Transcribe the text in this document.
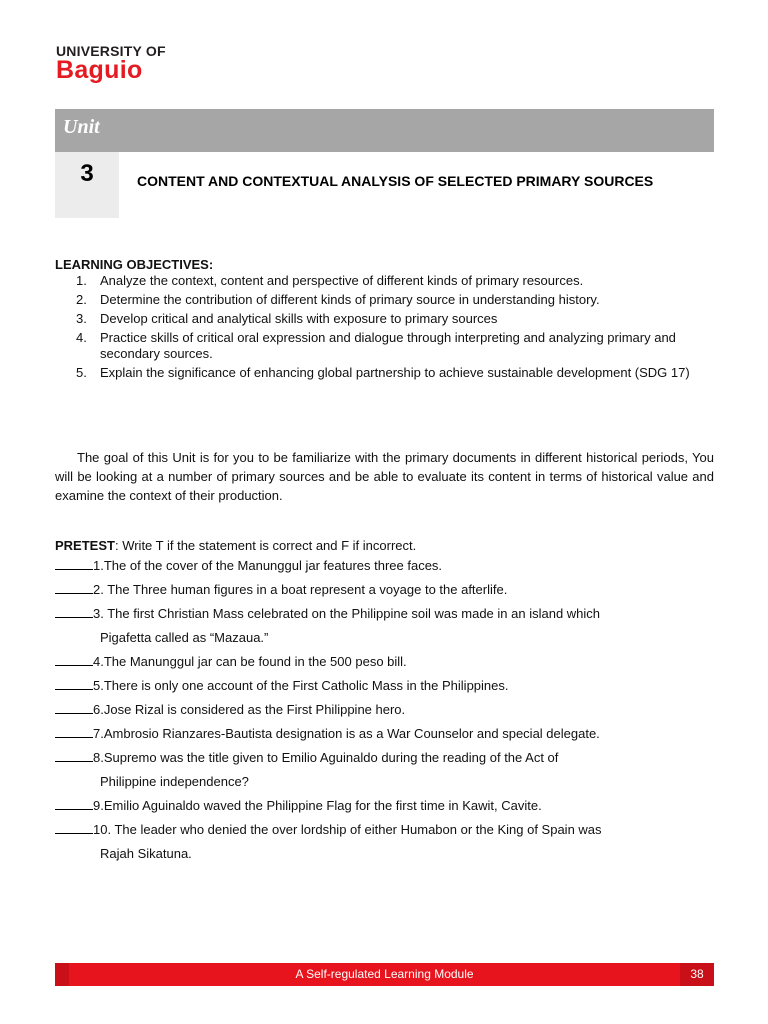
UNIVERSITY OF
Baguio
Unit
3	CONTENT AND CONTEXTUAL ANALYSIS OF SELECTED PRIMARY SOURCES
LEARNING OBJECTIVES:
1. Analyze the context, content and perspective of different kinds of primary resources.
2. Determine the contribution of different kinds of primary source in understanding history.
3. Develop critical and analytical skills with exposure to primary sources
4. Practice skills of critical oral expression and dialogue through interpreting and analyzing primary and secondary sources.
5. Explain the significance of enhancing global partnership to achieve sustainable development (SDG 17)

The goal of this Unit is for you to be familiarize with the primary documents in different historical periods, You will be looking at a number of primary sources and be able to evaluate its content in terms of historical value and examine the context of their production.

PRETEST: Write T if the statement is correct and F if incorrect.
1.The of the cover of the Manunggul jar features three faces.
2. The Three human figures in a boat represent a voyage to the afterlife.
3. The first Christian Mass celebrated on the Philippine soil was made in an island which
Pigafetta called as “Mazaua.”
4.The Manunggul jar can be found in the 500 peso bill.
5.There is only one account of the First Catholic Mass in the Philippines.
6.Jose Rizal is considered as the First Philippine hero.
7.Ambrosio Rianzares-Bautista designation is as a War Counselor and special delegate.
8.Supremo was the title given to Emilio Aguinaldo during the reading of the Act of
Philippine independence?
9.Emilio Aguinaldo waved the Philippine Flag for the first time in Kawit, Cavite.
10. The leader who denied the over lordship of either Humabon or the King of Spain was
Rajah Sikatuna.
A Self-regulated Learning Module	38
